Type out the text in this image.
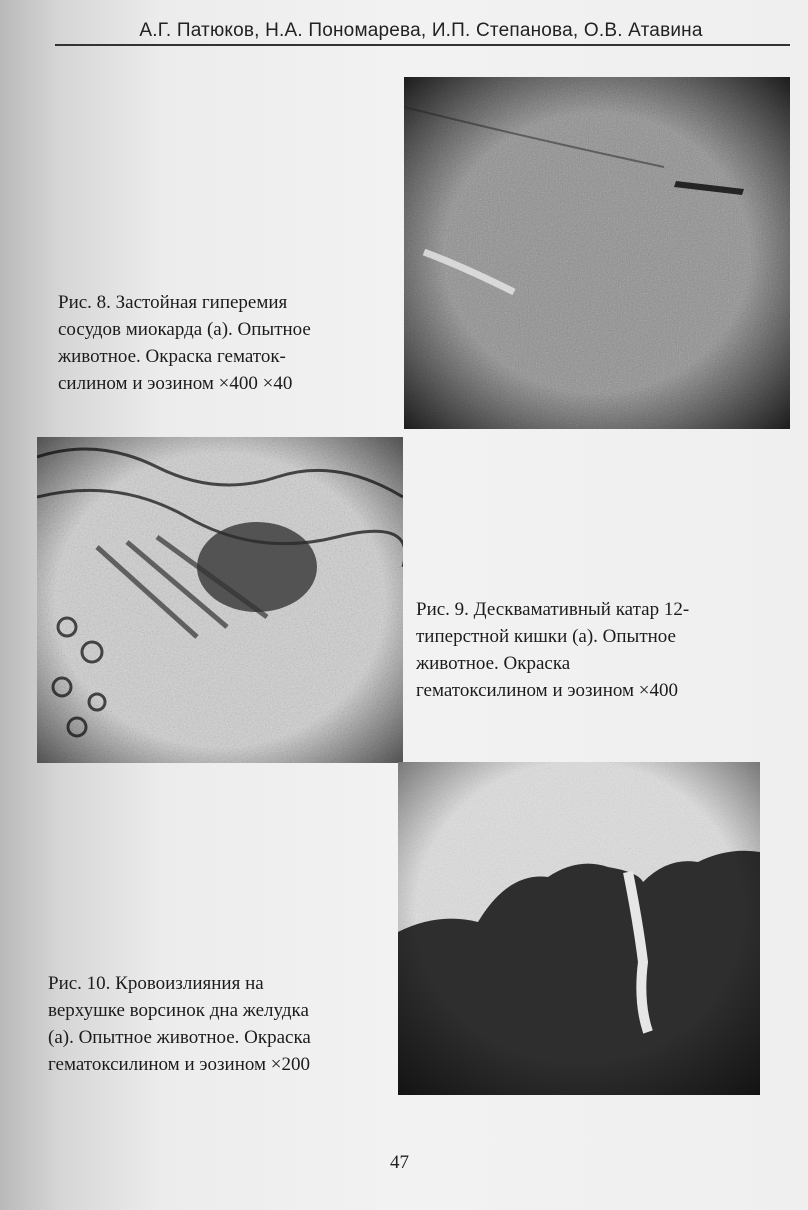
А.Г. Патюков, Н.А. Пономарева, И.П. Степанова, О.В. Атавина
Рис. 8. Застойная гиперемия
сосудов миокарда (а). Опытное
животное. Окраска гематок-
силином и эозином ×400 ×40
Рис. 9. Десквамативный катар 12-
типерстной кишки (а). Опытное
животное. Окраска
гематоксилином и эозином ×400
Рис. 10. Кровоизлияния на
верхушке ворсинок дна желудка
(а). Опытное животное. Окраска
гематоксилином и эозином ×200
47
